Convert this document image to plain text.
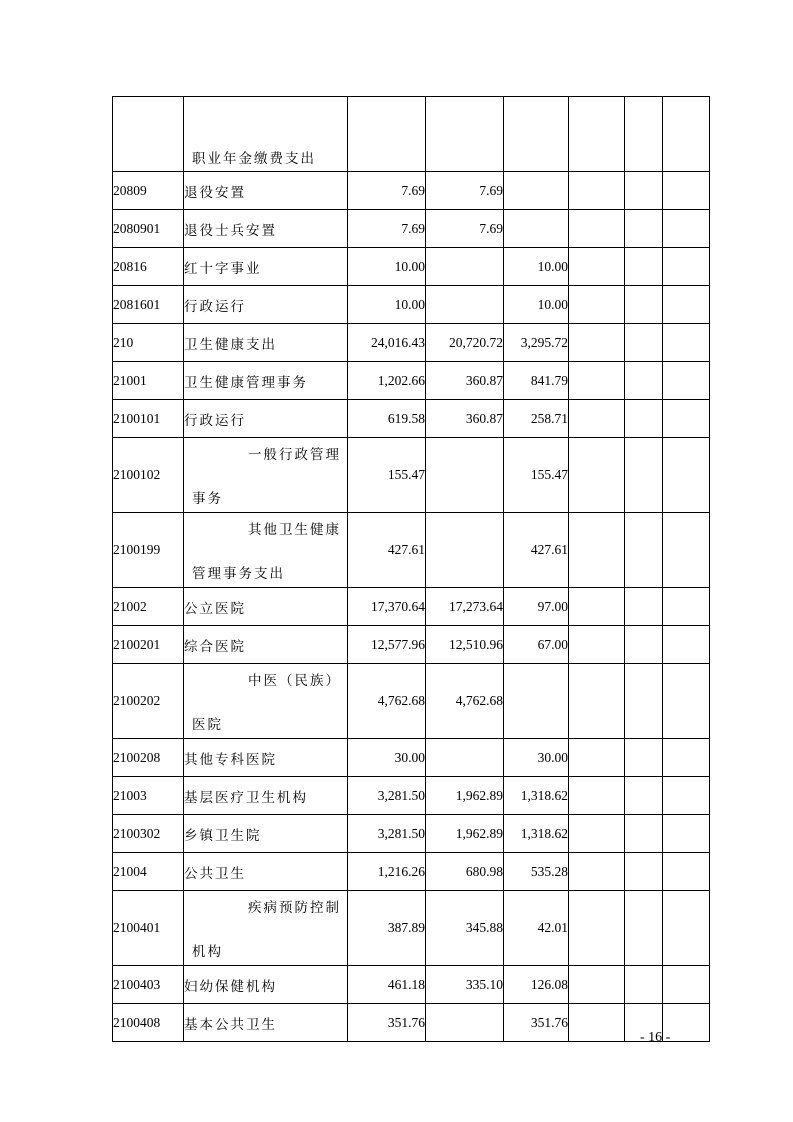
	职业年金缴费支出						

20809	退役安置	7.69	7.69				
2080901	退役士兵安置	7.69	7.69				
20816	红十字事业	10.00		10.00			
2081601	行政运行	10.00		10.00			
210	卫生健康支出	24,016.43	20,720.72	3,295.72			
21001	卫生健康管理事务	1,202.66	360.87	841.79			
2100101	行政运行	619.58	360.87	258.71			
2100102	一般行政管理
事务	155.47		155.47			
2100199	其他卫生健康
管理事务支出	427.61		427.61			
21002	公立医院	17,370.64	17,273.64	97.00			
2100201	综合医院	12,577.96	12,510.96	67.00			
2100202	中医（民族）
医院	4,762.68	4,762.68				
2100208	其他专科医院	30.00		30.00			
21003	基层医疗卫生机构	3,281.50	1,962.89	1,318.62			
2100302	乡镇卫生院	3,281.50	1,962.89	1,318.62			
21004	公共卫生	1,216.26	680.98	535.28			
2100401	疾病预防控制
机构	387.89	345.88	42.01			
2100403	妇幼保健机构	461.18	335.10	126.08			
2100408	基本公共卫生	351.76		351.76			
- 16 -
